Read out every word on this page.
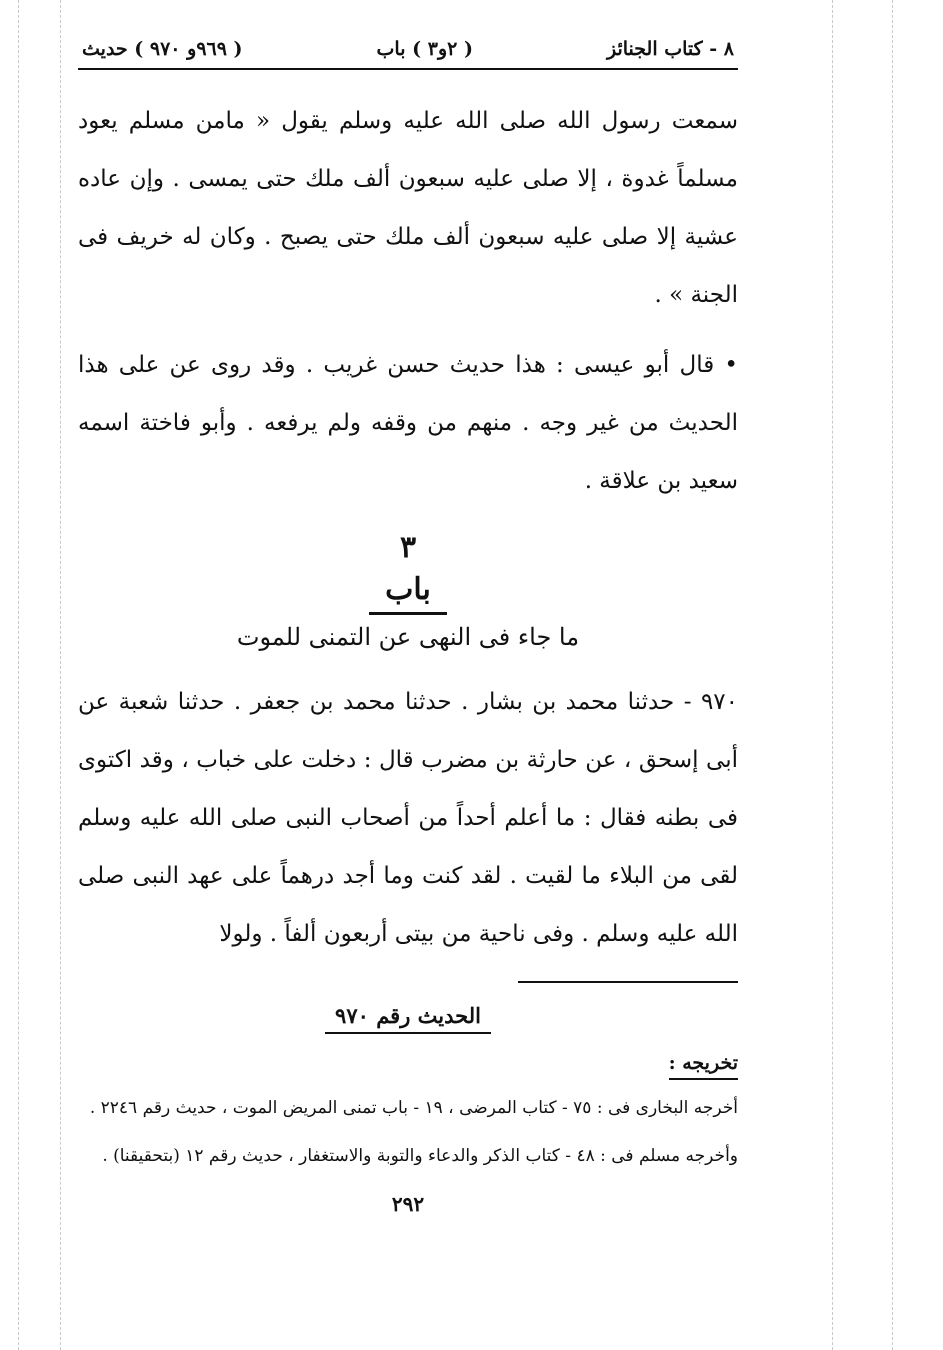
٨ - كتاب الجنائز
( ٢و٣ ) باب
( ٩٦٩و ٩٧٠ ) حديث

سمعت رسول الله صلى الله عليه وسلم يقول « مامن مسلم يعود مسلماً غدوة ، إلا صلى عليه سبعون ألف ملك حتى يمسى . وإن عاده عشية إلا صلى عليه سبعون ألف ملك حتى يصبح . وكان له خريف فى الجنة » .

• قال أبو عيسى : هذا حديث حسن غريب . وقد روى عن على هذا الحديث من غير وجه . منهم من وقفه ولم يرفعه . وأبو فاختة اسمه سعيد بن علاقة .

٣
باب
ما جاء فى النهى عن التمنى للموت

٩٧٠ - حدثنا محمد بن بشار . حدثنا محمد بن جعفر . حدثنا شعبة عن أبى إسحق ، عن حارثة بن مضرب قال : دخلت على خباب ، وقد اكتوى فى بطنه فقال : ما أعلم أحداً من أصحاب النبى صلى الله عليه وسلم لقى من البلاء ما لقيت . لقد كنت وما أجد درهماً على عهد النبى صلى الله عليه وسلم . وفى ناحية من بيتى أربعون ألفاً . ولولا

الحديث رقم ٩٧٠
تخريجه :

أخرجه البخارى فى : ٧٥ - كتاب المرضى ، ١٩ - باب تمنى المريض الموت ، حديث رقم ٢٢٤٦ .

وأخرجه مسلم فى : ٤٨ - كتاب الذكر والدعاء والتوبة والاستغفار ، حديث رقم ١٢ (بتحقيقنا) .

٢٩٢
